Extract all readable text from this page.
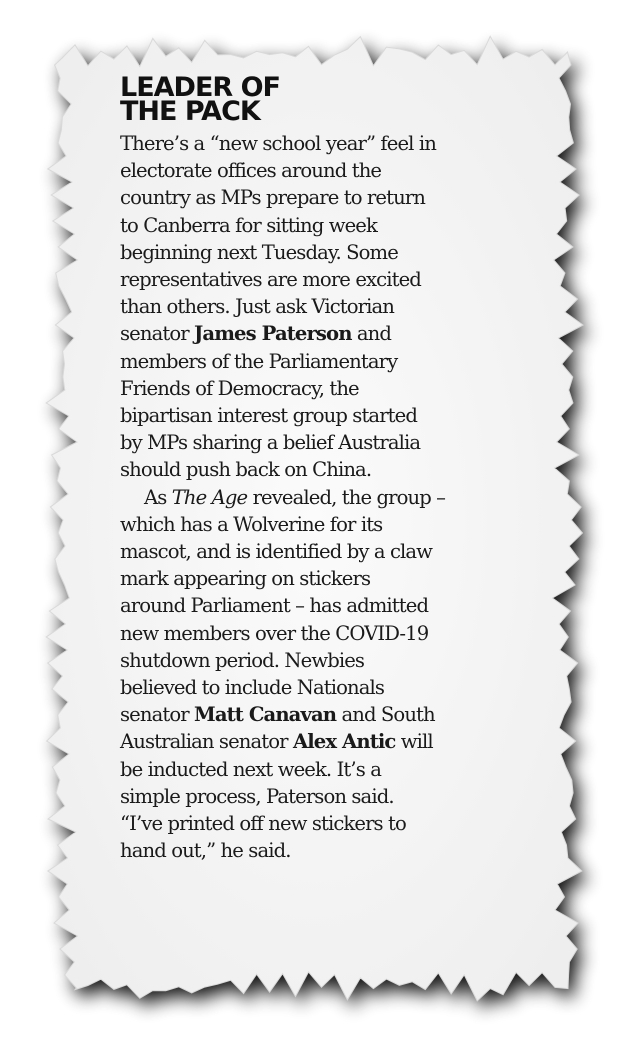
LEADER OF
THE PACK
There’s a “new school year” feel in
electorate offices around the
country as MPs prepare to return
to Canberra for sitting week
beginning next Tuesday. Some
representatives are more excited
than others. Just ask Victorian
senator James Paterson and
members of the Parliamentary
Friends of Democracy, the
bipartisan interest group started
by MPs sharing a belief Australia
should push back on China.
As The Age revealed, the group –
which has a Wolverine for its
mascot, and is identified by a claw
mark appearing on stickers
around Parliament – has admitted
new members over the COVID-19
shutdown period. Newbies
believed to include Nationals
senator Matt Canavan and South
Australian senator Alex Antic will
be inducted next week. It’s a
simple process, Paterson said.
“I’ve printed off new stickers to
hand out,” he said.
